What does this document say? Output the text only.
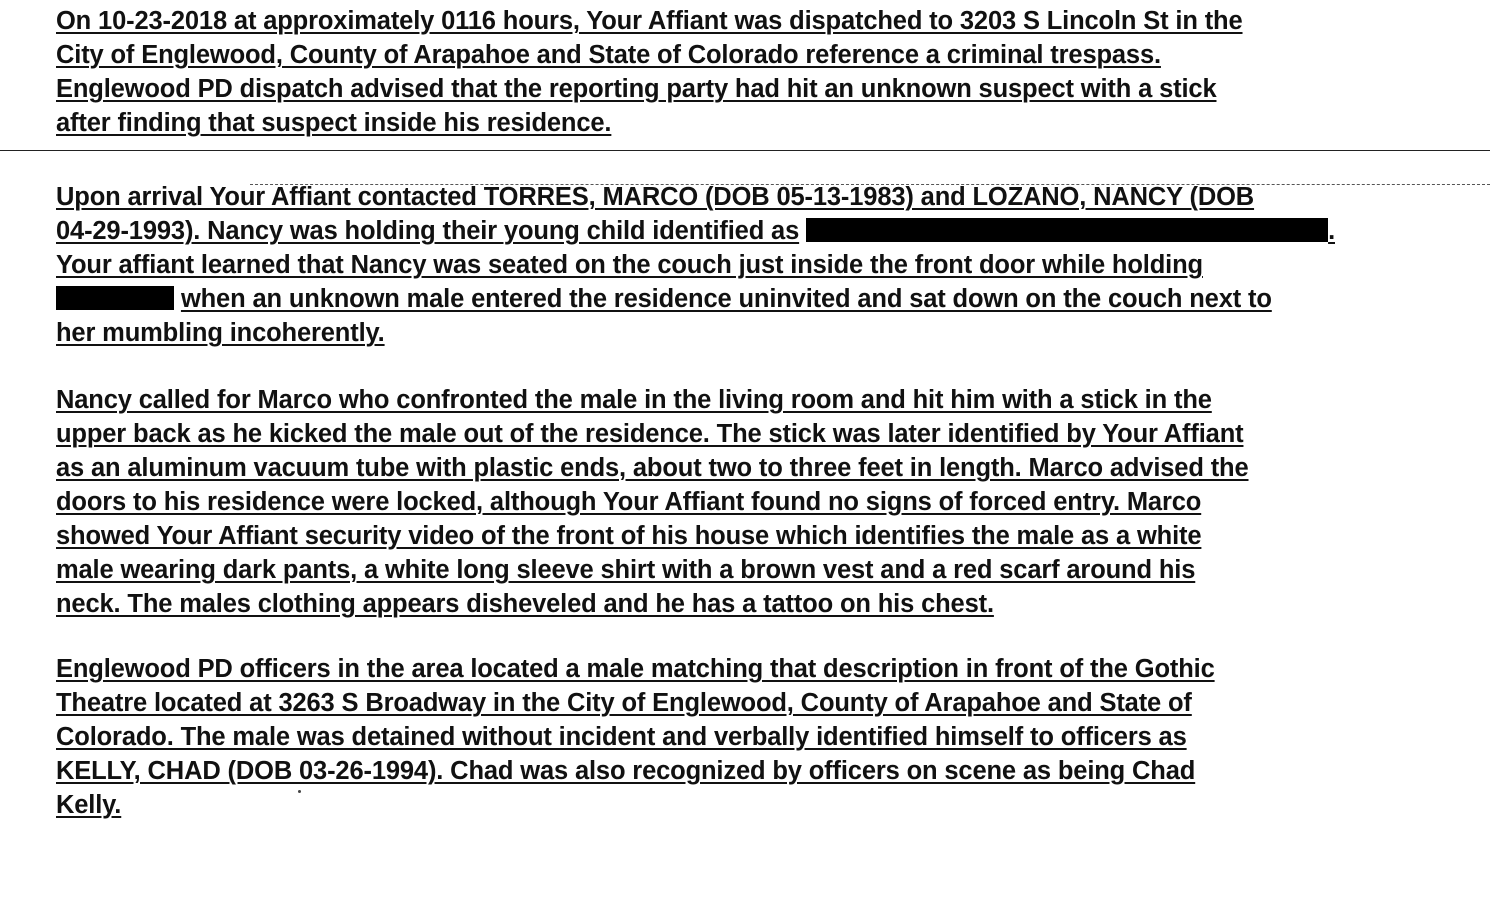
On 10-23-2018 at approximately 0116 hours, Your Affiant was dispatched to 3203 S Lincoln St in the
City of Englewood, County of Arapahoe and State of Colorado reference a criminal trespass.
Englewood PD dispatch advised that the reporting party had hit an unknown suspect with a stick
after finding that suspect inside his residence.
Upon arrival Your Affiant contacted TORRES, MARCO (DOB 05-13-1983) and LOZANO, NANCY (DOB
04-29-1993). Nancy was holding their young child identified as	.
Your affiant learned that Nancy was seated on the couch just inside the front door while holding
when an unknown male entered the residence uninvited and sat down on the couch next to
her mumbling incoherently.
Nancy called for Marco who confronted the male in the living room and hit him with a stick in the
upper back as he kicked the male out of the residence. The stick was later identified by Your Affiant
as an aluminum vacuum tube with plastic ends, about two to three feet in length. Marco advised the
doors to his residence were locked, although Your Affiant found no signs of forced entry. Marco
showed Your Affiant security video of the front of his house which identifies the male as a white
male wearing dark pants, a white long sleeve shirt with a brown vest and a red scarf around his
neck. The males clothing appears disheveled and he has a tattoo on his chest.
Englewood PD officers in the area located a male matching that description in front of the Gothic
Theatre located at 3263 S Broadway in the City of Englewood, County of Arapahoe and State of
Colorado. The male was detained without incident and verbally identified himself to officers as
KELLY, CHAD (DOB 03-26-1994). Chad was also recognized by officers on scene as being Chad
Kelly.
